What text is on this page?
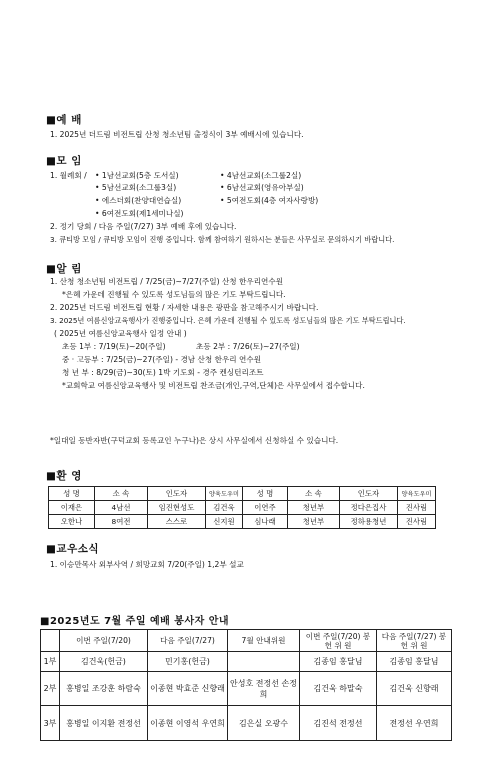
■예 배
1. 2025년 더드림 비전트립 산청 청소년팀 출정식이 3부 예배시에 있습니다.
■모 임
1. 월례회 / • 1남선교회(5층 도서실)
• 5남선교회(소그룹3실)
• 에스더회(찬양대연습실)
• 6여전도회(제1세미나실)
• 4남선교회(소그룹2실)
• 6남선교회(영유아부실)
• 5여전도회(4층 여자사랑방)
2. 정기 당회 / 다음 주일(7/27) 3부 예배 후에 있습니다.
3. 큐티방 모임 / 큐티방 모임이 진행 중입니다. 함께 참여하기 원하시는 분들은 사무실로 문의하시기 바랍니다.
■알 림
1. 산청 청소년팀 비전트립 / 7/25(금)~7/27(주일) 산청 한우리연수원
*은혜 가운데 진행될 수 있도록 성도님들의 많은 기도 부탁드립니다.
2. 2025년 더드림 비전트립 현황 / 자세한 내용은 광판을 참고해주시기 바랍니다.
3. 2025년 여름신앙교육행사가 진행중입니다. 은혜 가운데 진행될 수 있도록 성도님들의 많은 기도 부탁드립니다.
( 2025년 여름신앙교육행사 일정 안내 )
초등 1부 : 7/19(토)~20(주일)	초등 2부 : 7/26(토)~27(주일)
중 · 고등부 : 7/25(금)~27(주일) - 경남 산청 한우리 연수원
청 년 부 : 8/29(금)~30(토) 1박 기도회 - 경주 켄싱턴리조트
*교회학교 여름신앙교육행사 및 비전트립 찬조금(개인,구역,단체)은 사무실에서 접수합니다.
*일대일 동반자반(구덕교회 등록교인 누구나)은 상시 사무실에서 신청하실 수 있습니다.
■환 영
성 명	소 속	인도자	양육도우미	성 명	소 속	인도자	양육도우미
이재은	4남선	임진현성도	김건욱	이연주	청년부	정다은집사	진사림
오한나	8여전	스스로	신지원	심나래	청년부	정하용청년	진사림
■교우소식
1. 이승만목사 외부사역 / 희망교회 7/20(주일) 1,2부 설교
■2025년도 7월 주일 예배 봉사자 안내
	이번 주일(7/20)	다음 주일(7/27)	7월 안내위원	이번 주일(7/20) 봉 헌 위 원	다음 주일(7/27) 봉 헌 위 원
1부	김건욱(헌금)	민기홍(헌금)		김종임 홍달님	김종임 홍달님
2부	홍병일 조강훈 하람숙	이종현 박효준 신향래	안성호 전정선 손정희	김건욱 하말숙	김건욱 신향래
3부	홍병일 이지환 전정선	이종현 이영석 우연희	김은실 오광수	김진석 전정선	전정선 우연희
